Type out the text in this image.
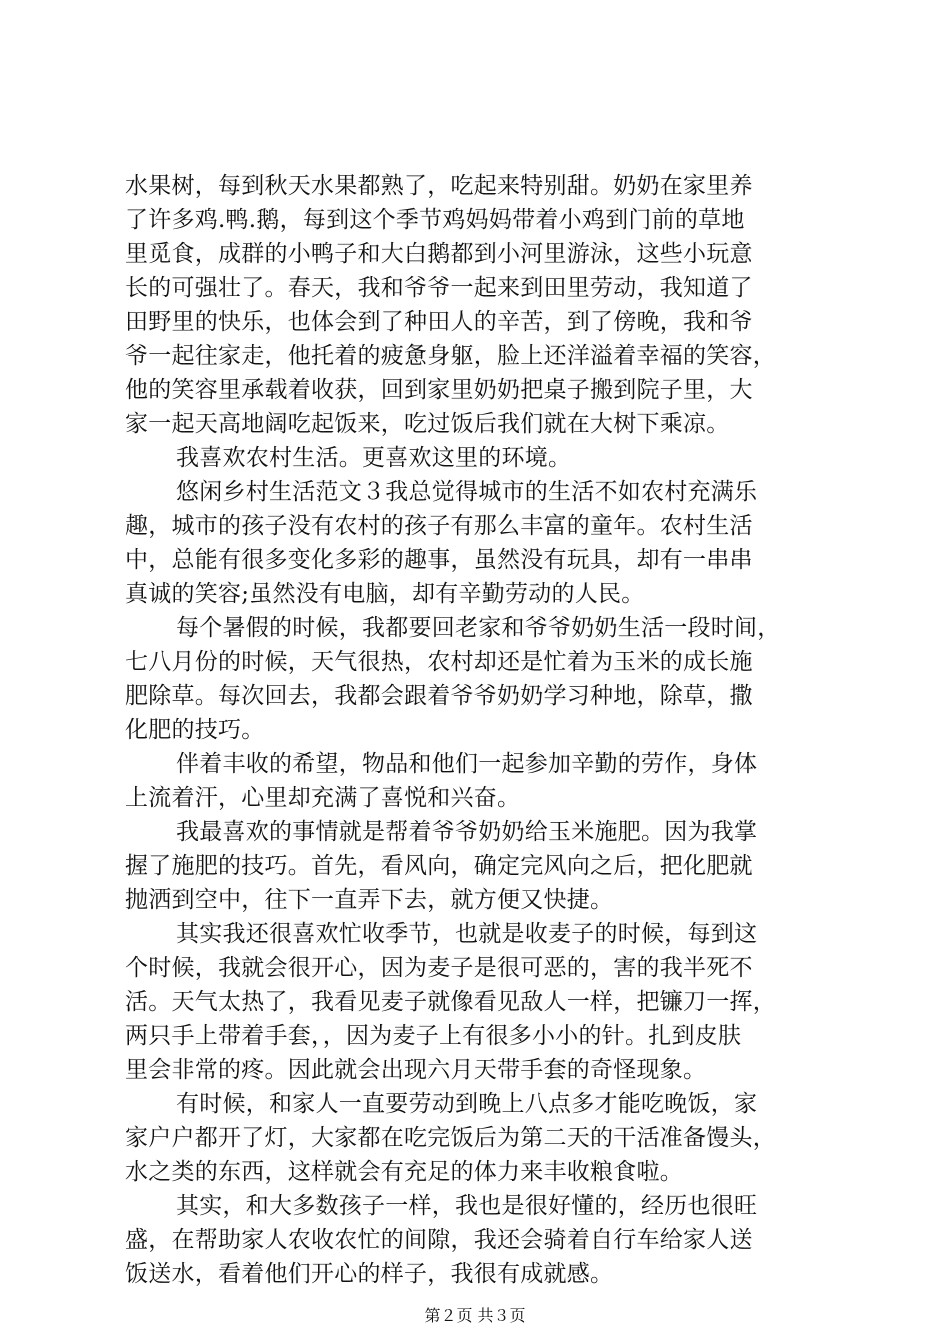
水果树，每到秋天水果都熟了，吃起来特别甜。奶奶在家里养
了许多鸡.鸭.鹅，每到这个季节鸡妈妈带着小鸡到门前的草地
里觅食，成群的小鸭子和大白鹅都到小河里游泳，这些小玩意
长的可强壮了。春天，我和爷爷一起来到田里劳动，我知道了
田野里的快乐，也体会到了种田人的辛苦，到了傍晚，我和爷
爷一起往家走，他托着的疲惫身躯，脸上还洋溢着幸福的笑容，
他的笑容里承载着收获，回到家里奶奶把桌子搬到院子里，大
家一起天高地阔吃起饭来，吃过饭后我们就在大树下乘凉。
我喜欢农村生活。更喜欢这里的环境。
悠闲乡村生活范文３我总觉得城市的生活不如农村充满乐
趣，城市的孩子没有农村的孩子有那么丰富的童年。农村生活
中，总能有很多变化多彩的趣事，虽然没有玩具，却有一串串
真诚的笑容;虽然没有电脑，却有辛勤劳动的人民。
每个暑假的时候，我都要回老家和爷爷奶奶生活一段时间，
七八月份的时候，天气很热，农村却还是忙着为玉米的成长施
肥除草。每次回去，我都会跟着爷爷奶奶学习种地，除草，撒
化肥的技巧。
伴着丰收的希望，物品和他们一起参加辛勤的劳作，身体
上流着汗，心里却充满了喜悦和兴奋。
我最喜欢的事情就是帮着爷爷奶奶给玉米施肥。因为我掌
握了施肥的技巧。首先，看风向，确定完风向之后，把化肥就
抛洒到空中，往下一直弄下去，就方便又快捷。
其实我还很喜欢忙收季节，也就是收麦子的时候，每到这
个时候，我就会很开心，因为麦子是很可恶的，害的我半死不
活。天气太热了，我看见麦子就像看见敌人一样，把镰刀一挥，
两只手上带着手套，，因为麦子上有很多小小的针。扎到皮肤
里会非常的疼。因此就会出现六月天带手套的奇怪现象。
有时候，和家人一直要劳动到晚上八点多才能吃晚饭，家
家户户都开了灯，大家都在吃完饭后为第二天的干活准备馒头，
水之类的东西，这样就会有充足的体力来丰收粮食啦。
其实，和大多数孩子一样，我也是很好懂的，经历也很旺
盛，在帮助家人农收农忙的间隙，我还会骑着自行车给家人送
饭送水，看着他们开心的样子，我很有成就感。
第２页 共３页
